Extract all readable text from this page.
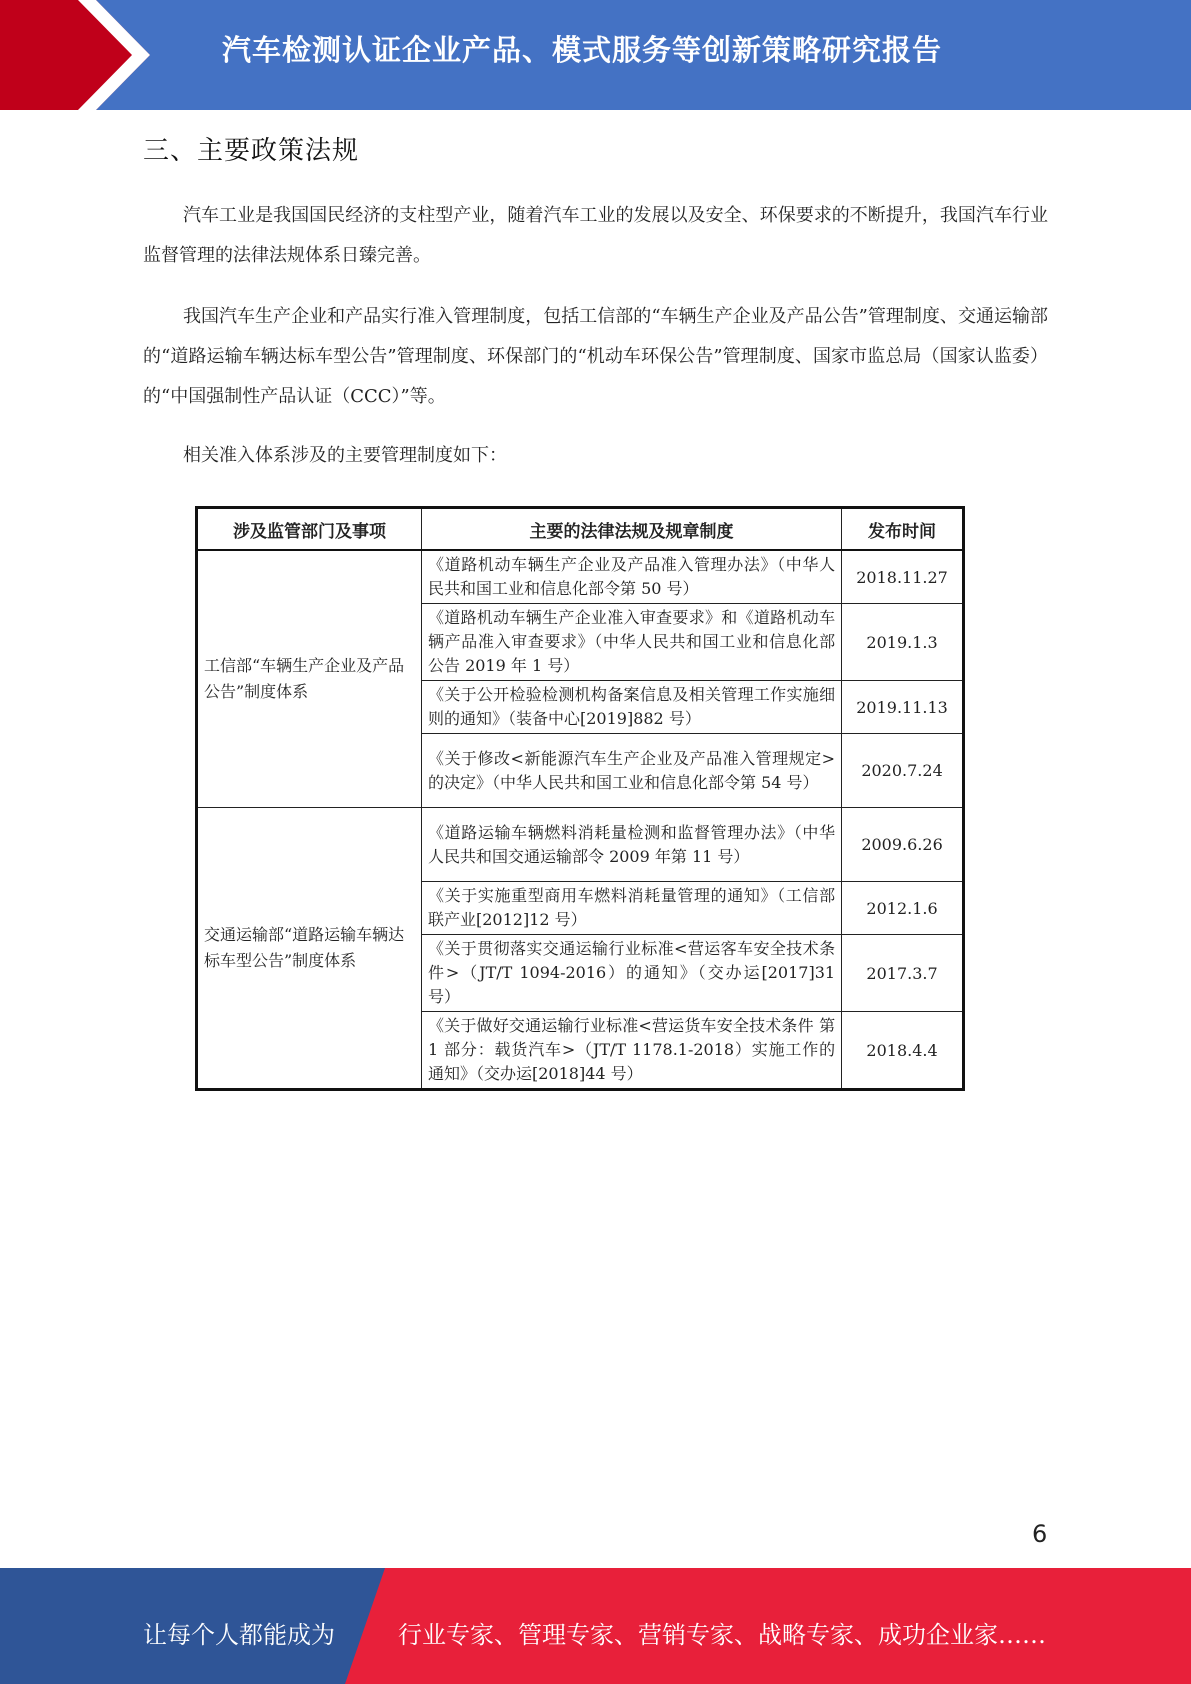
汽车检测认证企业产品、模式服务等创新策略研究报告
三、主要政策法规
汽车工业是我国国民经济的支柱型产业，随着汽车工业的发展以及安全、环保要求的不断提升，我国汽车行业监督管理的法律法规体系日臻完善。
我国汽车生产企业和产品实行准入管理制度，包括工信部的“车辆生产企业及产品公告”管理制度、交通运输部的“道路运输车辆达标车型公告”管理制度、环保部门的“机动车环保公告”管理制度、国家市监总局（国家认监委）的“中国强制性产品认证（CCC）”等。
相关准入体系涉及的主要管理制度如下：
涉及监管部门及事项	主要的法律法规及规章制度	发布时间
工信部“车辆生产企业及产品公告”制度体系	《道路机动车辆生产企业及产品准入管理办法》（中华人民共和国工业和信息化部令第 50 号）	2018.11.27
	《道路机动车辆生产企业准入审查要求》和《道路机动车辆产品准入审查要求》（中华人民共和国工业和信息化部公告 2019 年 1 号）	2019.1.3
	《关于公开检验检测机构备案信息及相关管理工作实施细则的通知》（装备中心[2019]882 号）	2019.11.13
	《关于修改<新能源汽车生产企业及产品准入管理规定>的决定》（中华人民共和国工业和信息化部令第 54 号）	2020.7.24
交通运输部“道路运输车辆达标车型公告”制度体系	《道路运输车辆燃料消耗量检测和监督管理办法》（中华人民共和国交通运输部令 2009 年第 11 号）	2009.6.26
	《关于实施重型商用车燃料消耗量管理的通知》（工信部联产业[2012]12 号）	2012.1.6
	《关于贯彻落实交通运输行业标准<营运客车安全技术条件>（JT/T 1094-2016）的通知》（交办运[2017]31 号）	2017.3.7
	《关于做好交通运输行业标准<营运货车安全技术条件 第 1 部分：载货汽车>（JT/T 1178.1-2018）实施工作的通知》（交办运[2018]44 号）	2018.4.4
6
让每个人都能成为	行业专家、管理专家、营销专家、战略专家、成功企业家……
